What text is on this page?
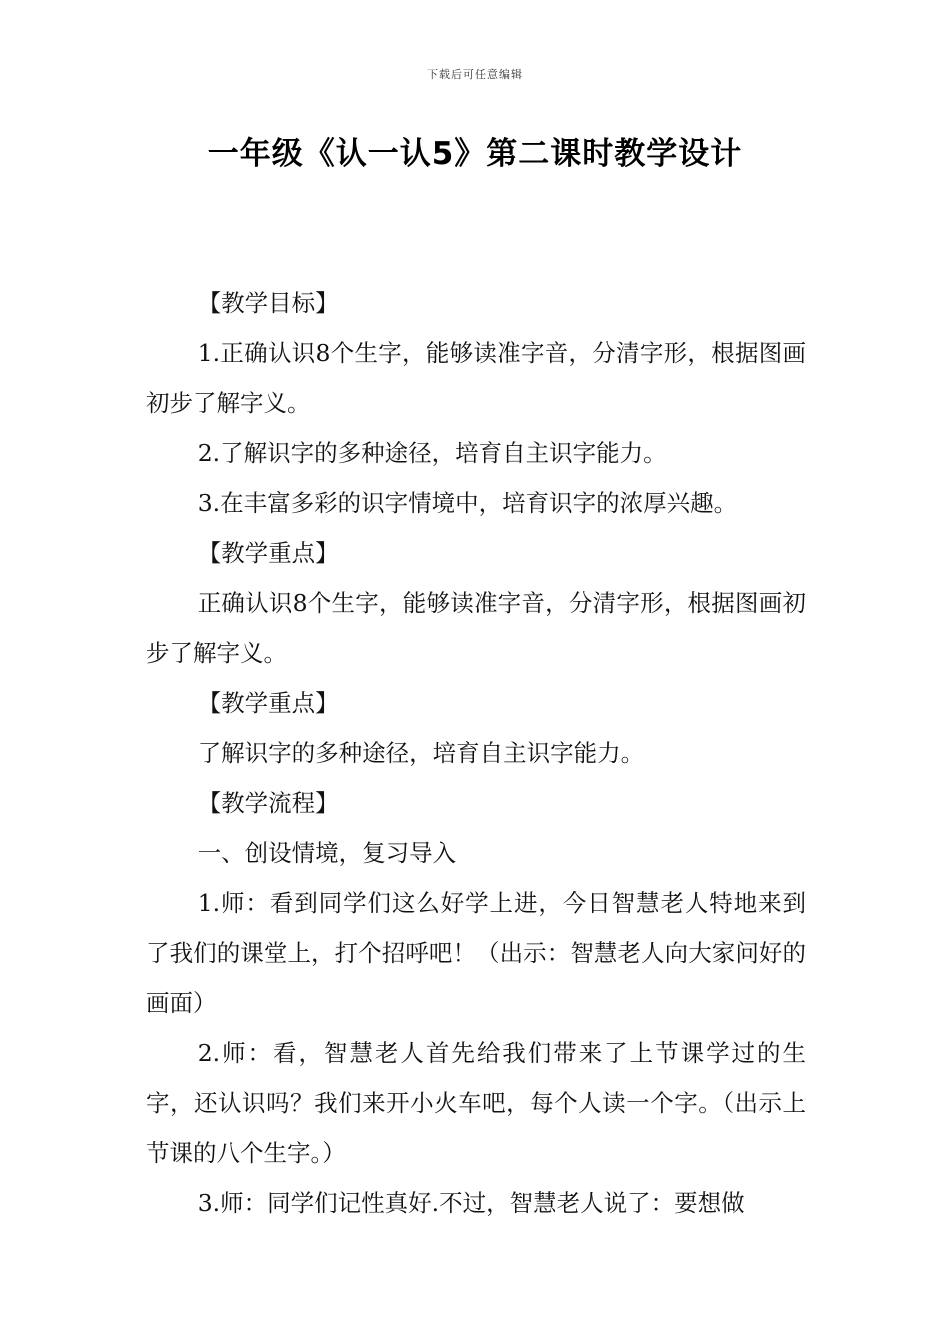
下载后可任意编辑
一年级《认一认5》第二课时教学设计

【教学目标】

1.正确认识8个生字，能够读准字音，分清字形，根据图画初步了解字义。

2.了解识字的多种途径，培育自主识字能力。

3.在丰富多彩的识字情境中，培育识字的浓厚兴趣。

【教学重点】

正确认识8个生字，能够读准字音，分清字形，根据图画初步了解字义。

【教学重点】

了解识字的多种途径，培育自主识字能力。

【教学流程】

一、创设情境，复习导入

1.师：看到同学们这么好学上进，今日智慧老人特地来到了我们的课堂上，打个招呼吧！（出示：智慧老人向大家问好的画面）

2.师：看，智慧老人首先给我们带来了上节课学过的生字，还认识吗？我们来开小火车吧，每个人读一个字。（出示上节课的八个生字。）

3.师：同学们记性真好.不过，智慧老人说了：要想做
